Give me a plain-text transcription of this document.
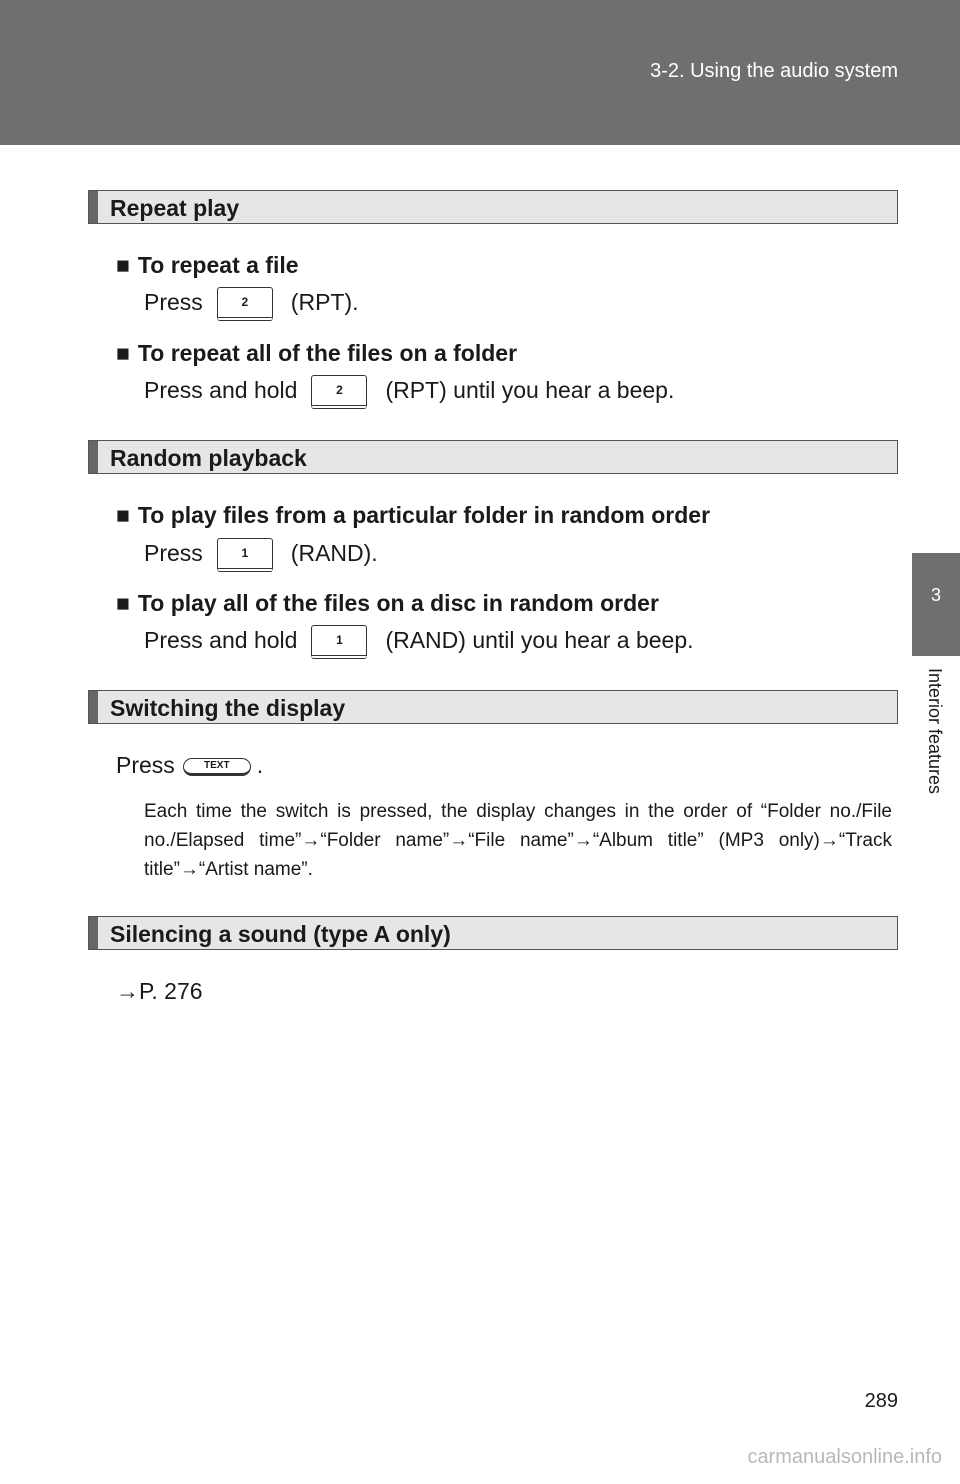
3-2. Using the audio system
3
Interior features
Repeat play
■ To repeat a file
Press	2 (RPT).
■ To repeat all of the files on a folder
Press and hold	2 (RPT) until you hear a beep.
Random playback
■ To play files from a particular folder in random order
Press	1 (RAND).
■ To play all of the files on a disc in random order
Press and hold	1 (RAND) until you hear a beep.
Switching the display
Press	TEXT .
Each time the switch is pressed, the display changes in the order of “Folder no./File no./Elapsed time”→“Folder name”→“File name”→“Album title” (MP3 only)→“Track title”→“Artist name”.
Silencing a sound (type A only)
→P. 276
289
carmanualsonline.info
